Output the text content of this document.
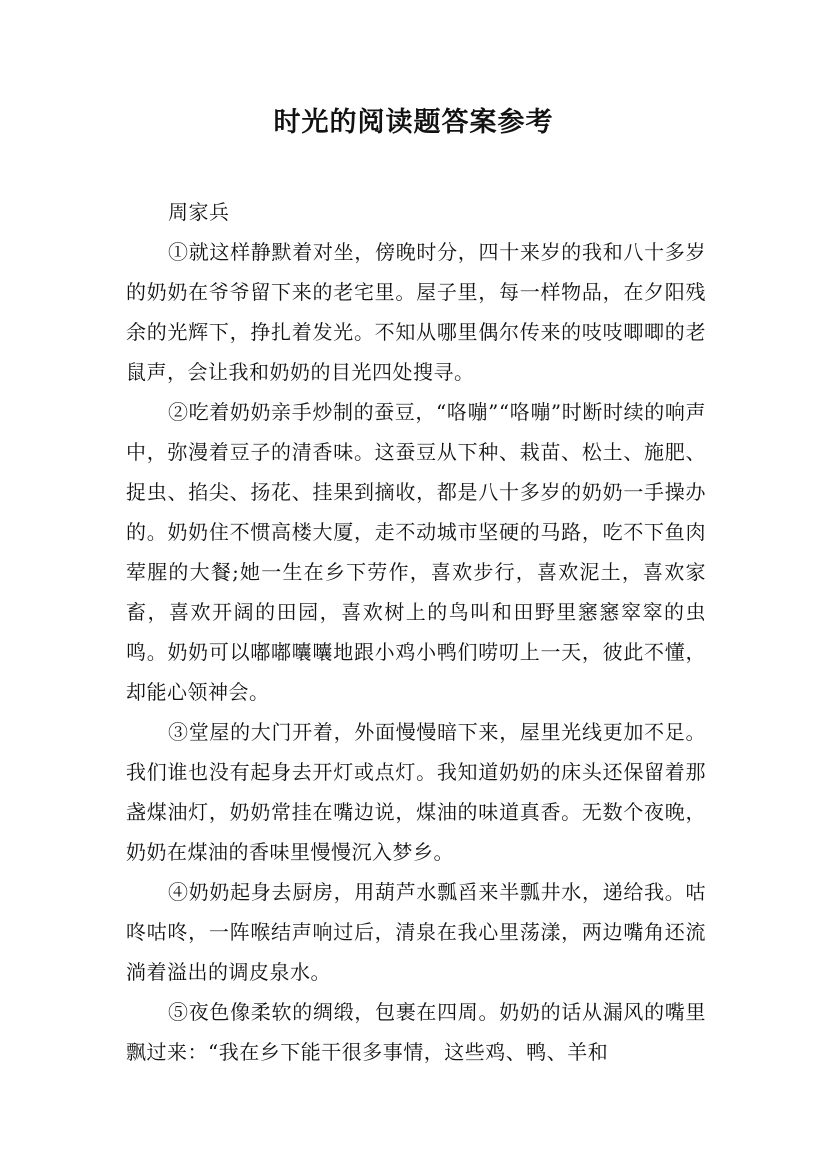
时光的阅读题答案参考

周家兵

①就这样静默着对坐，傍晚时分，四十来岁的我和八十多岁的奶奶在爷爷留下来的老宅里。屋子里，每一样物品，在夕阳残余的光辉下，挣扎着发光。不知从哪里偶尔传来的吱吱唧唧的老鼠声，会让我和奶奶的目光四处搜寻。

②吃着奶奶亲手炒制的蚕豆，“咯嘣”“咯嘣”时断时续的响声中，弥漫着豆子的清香味。这蚕豆从下种、栽苗、松土、施肥、捉虫、掐尖、扬花、挂果到摘收，都是八十多岁的奶奶一手操办的。奶奶住不惯高楼大厦，走不动城市坚硬的马路，吃不下鱼肉荤腥的大餐;她一生在乡下劳作，喜欢步行，喜欢泥土，喜欢家畜，喜欢开阔的田园，喜欢树上的鸟叫和田野里窸窸窣窣的虫鸣。奶奶可以嘟嘟囔囔地跟小鸡小鸭们唠叨上一天，彼此不懂，却能心领神会。

③堂屋的大门开着，外面慢慢暗下来，屋里光线更加不足。我们谁也没有起身去开灯或点灯。我知道奶奶的床头还保留着那盏煤油灯，奶奶常挂在嘴边说，煤油的味道真香。无数个夜晚，奶奶在煤油的香味里慢慢沉入梦乡。

④奶奶起身去厨房，用葫芦水瓢舀来半瓢井水，递给我。咕咚咕咚，一阵喉结声响过后，清泉在我心里荡漾，两边嘴角还流淌着溢出的调皮泉水。

⑤夜色像柔软的绸缎，包裹在四周。奶奶的话从漏风的嘴里飘过来：“我在乡下能干很多事情，这些鸡、鸭、羊和
